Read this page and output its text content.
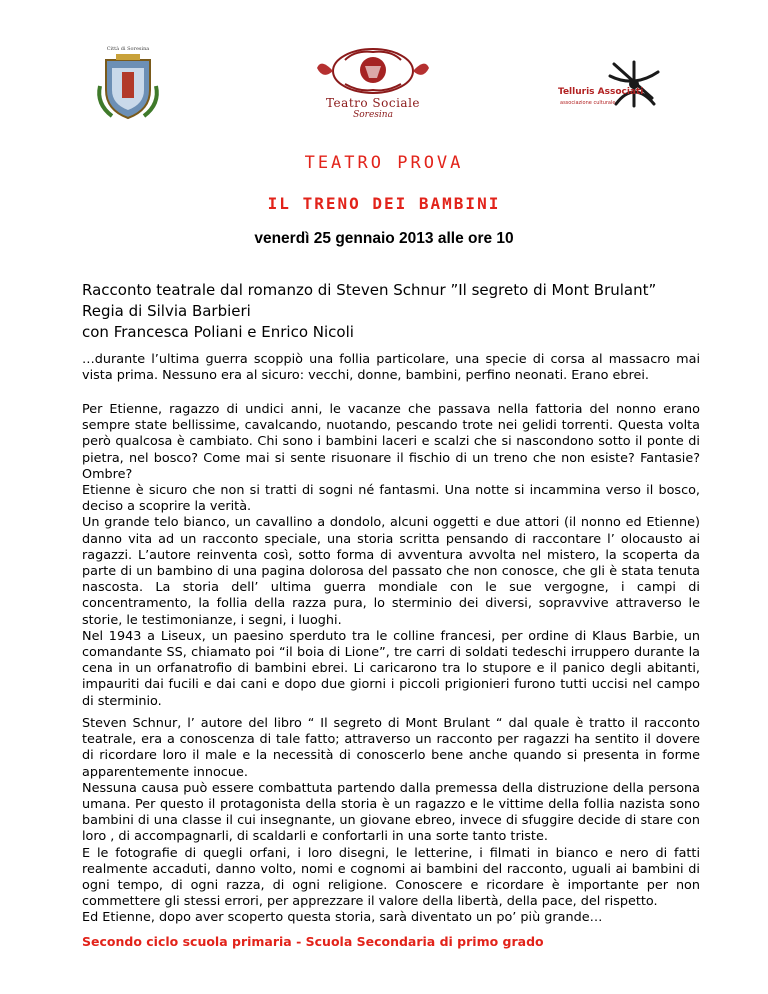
Città di Soresina
Teatro Sociale
Soresina
Telluris Associati
associazione culturale
TEATRO PROVA
IL TRENO DEI BAMBINI
venerdì 25 gennaio 2013 alle ore 10
Racconto teatrale dal romanzo di Steven Schnur ”Il segreto di Mont Brulant”
Regia di Silvia Barbieri
con Francesca Poliani e Enrico Nicoli

…durante l’ultima guerra scoppiò una follia particolare, una specie di corsa al massacro mai vista prima. Nessuno era al sicuro: vecchi, donne, bambini, perfino neonati. Erano ebrei.

Per Etienne, ragazzo di undici anni, le vacanze che passava nella fattoria del nonno erano sempre state bellissime, cavalcando, nuotando, pescando trote nei gelidi torrenti. Questa volta però qualcosa è cambiato. Chi sono i bambini laceri e scalzi che si nascondono sotto il ponte di pietra, nel bosco? Come mai si sente risuonare il fischio di un treno che non esiste? Fantasie? Ombre?

Etienne è sicuro che non si tratti di sogni né fantasmi. Una notte si incammina verso il bosco, deciso a scoprire la verità.

Un grande telo bianco, un cavallino a dondolo, alcuni oggetti e due attori (il nonno ed Etienne) danno vita ad un racconto speciale, una storia scritta pensando di raccontare l’ olocausto ai ragazzi. L’autore reinventa così, sotto forma di avventura avvolta nel mistero, la scoperta da parte di un bambino di una pagina dolorosa del passato che non conosce, che gli è stata tenuta nascosta. La storia dell’ ultima guerra mondiale con le sue vergogne, i campi di concentramento, la follia della razza pura, lo sterminio dei diversi, sopravvive attraverso le storie, le testimonianze, i segni, i luoghi.

Nel 1943 a Liseux, un paesino sperduto tra le colline francesi, per ordine di Klaus Barbie, un comandante SS, chiamato poi “il boia di Lione”, tre carri di soldati tedeschi irruppero durante la cena in un orfanatrofio di bambini ebrei. Li caricarono tra lo stupore e il panico degli abitanti, impauriti dai fucili e dai cani e dopo due giorni i piccoli prigionieri furono tutti uccisi nel campo di sterminio.

Steven Schnur, l’ autore del libro “ Il segreto di Mont Brulant “ dal quale è tratto il racconto teatrale, era a conoscenza di tale fatto; attraverso un racconto per ragazzi ha sentito il dovere di ricordare loro il male e la necessità di conoscerlo bene anche quando si presenta in forme apparentemente innocue.

Nessuna causa può essere combattuta partendo dalla premessa della distruzione della persona umana. Per questo il protagonista della storia è un ragazzo e le vittime della follia nazista sono bambini di una classe il cui insegnante, un giovane ebreo, invece di sfuggire decide di stare con loro , di accompagnarli, di scaldarli e confortarli in una sorte tanto triste.

E le fotografie di quegli orfani, i loro disegni, le letterine, i filmati in bianco e nero di fatti realmente accaduti, danno volto, nomi e cognomi ai bambini del racconto, uguali ai bambini di ogni tempo, di ogni razza, di ogni religione. Conoscere e ricordare è importante per non commettere gli stessi errori, per apprezzare il valore della libertà, della pace, del rispetto.

Ed Etienne, dopo aver scoperto questa storia, sarà diventato un po’ più grande…

Secondo ciclo scuola primaria - Scuola Secondaria di primo grado
